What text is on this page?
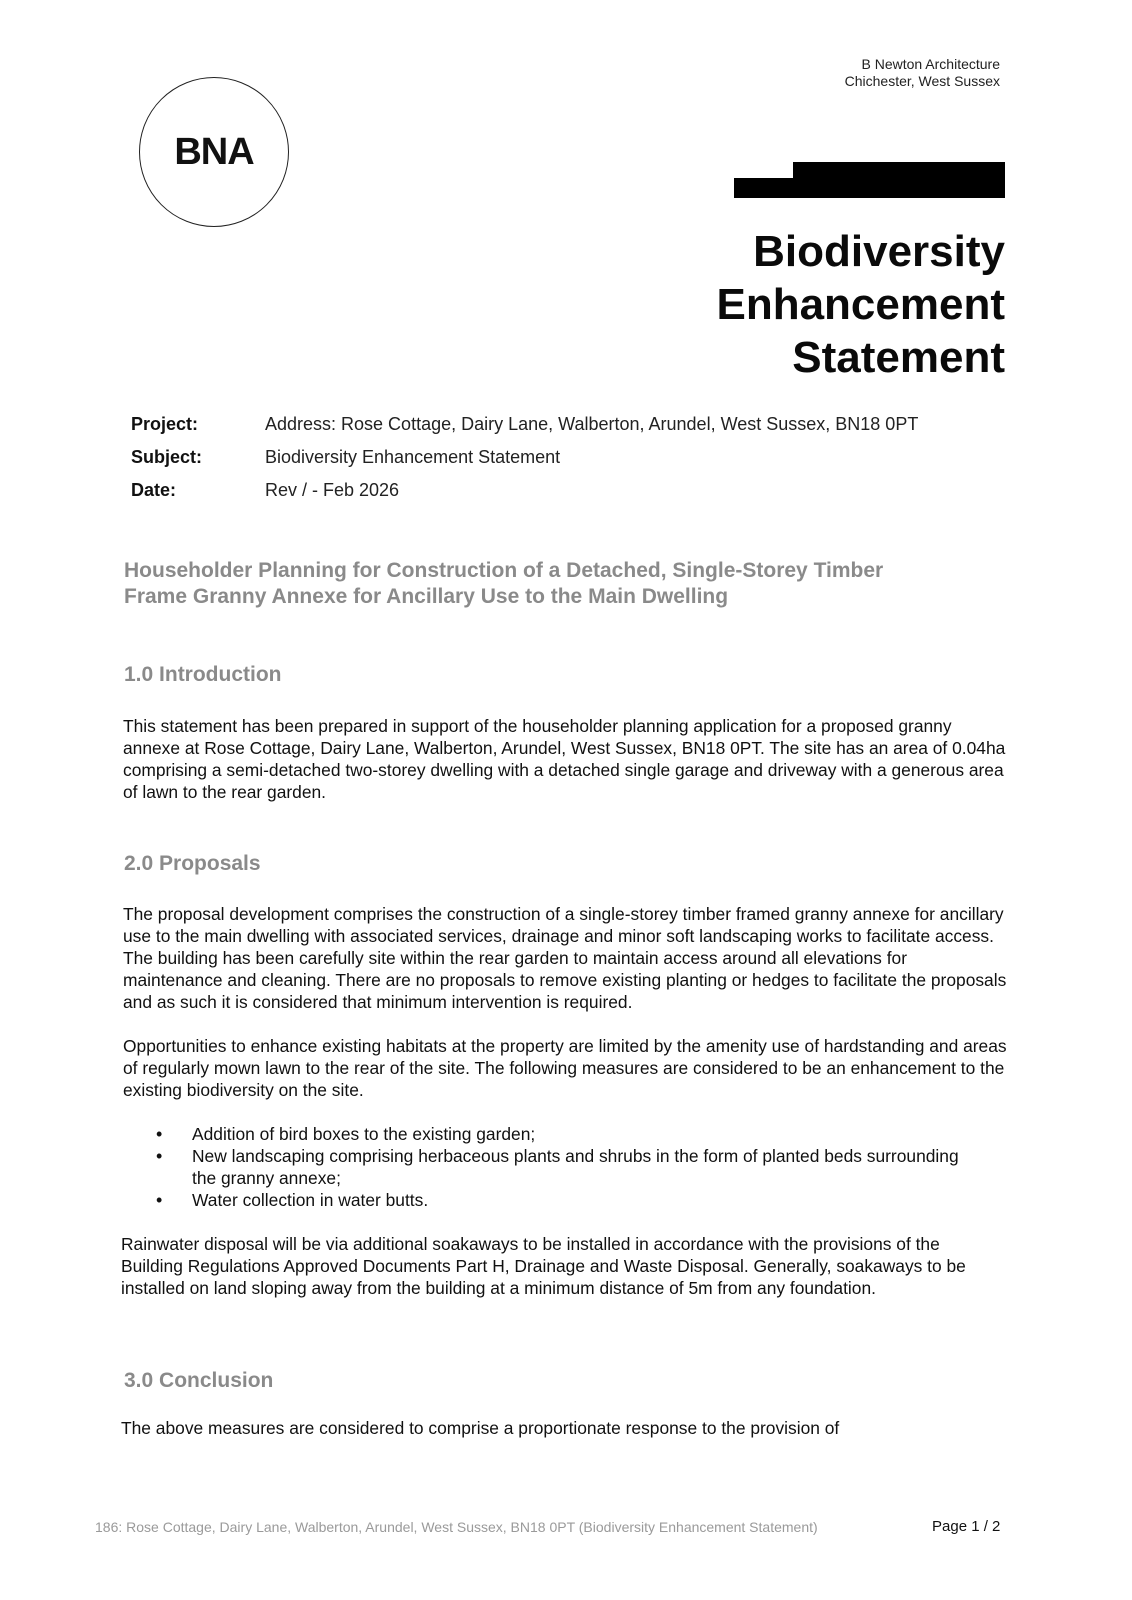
BNA
B Newton Architecture
Chichester, West Sussex
Biodiversity
Enhancement
Statement
Project:	Address: Rose Cottage, Dairy Lane, Walberton, Arundel, West Sussex, BN18 0PT
Subject:	Biodiversity Enhancement Statement
Date:	Rev / - Feb 2026
Householder Planning for Construction of a Detached, Single-Storey Timber
Frame Granny Annexe for Ancillary Use to the Main Dwelling
1.0 Introduction
This statement has been prepared in support of the householder planning application for a proposed granny annexe at Rose Cottage, Dairy Lane, Walberton, Arundel, West Sussex, BN18 0PT. The site has an area of 0.04ha comprising a semi-detached two-storey dwelling with a detached single garage and driveway with a generous area of lawn to the rear garden.
2.0 Proposals
The proposal development comprises the construction of a single-storey timber framed granny annexe for ancillary use to the main dwelling with associated services, drainage and minor soft landscaping works to facilitate access. The building has been carefully site within the rear garden to maintain access around all elevations for maintenance and cleaning. There are no proposals to remove existing planting or hedges to facilitate the proposals and as such it is considered that minimum intervention is required.
Opportunities to enhance existing habitats at the property are limited by the amenity use of hardstanding and areas of regularly mown lawn to the rear of the site. The following measures are considered to be an enhancement to the existing biodiversity on the site.
• Addition of bird boxes to the existing garden;
• New landscaping comprising herbaceous plants and shrubs in the form of planted beds surrounding the granny annexe;
• Water collection in water butts.
Rainwater disposal will be via additional soakaways to be installed in accordance with the provisions of the Building Regulations Approved Documents Part H, Drainage and Waste Disposal. Generally, soakaways to be installed on land sloping away from the building at a minimum distance of 5m from any foundation.
3.0 Conclusion
The above measures are considered to comprise a proportionate response to the provision of
186: Rose Cottage, Dairy Lane, Walberton, Arundel, West Sussex, BN18 0PT (Biodiversity Enhancement Statement)	Page 1 / 2
